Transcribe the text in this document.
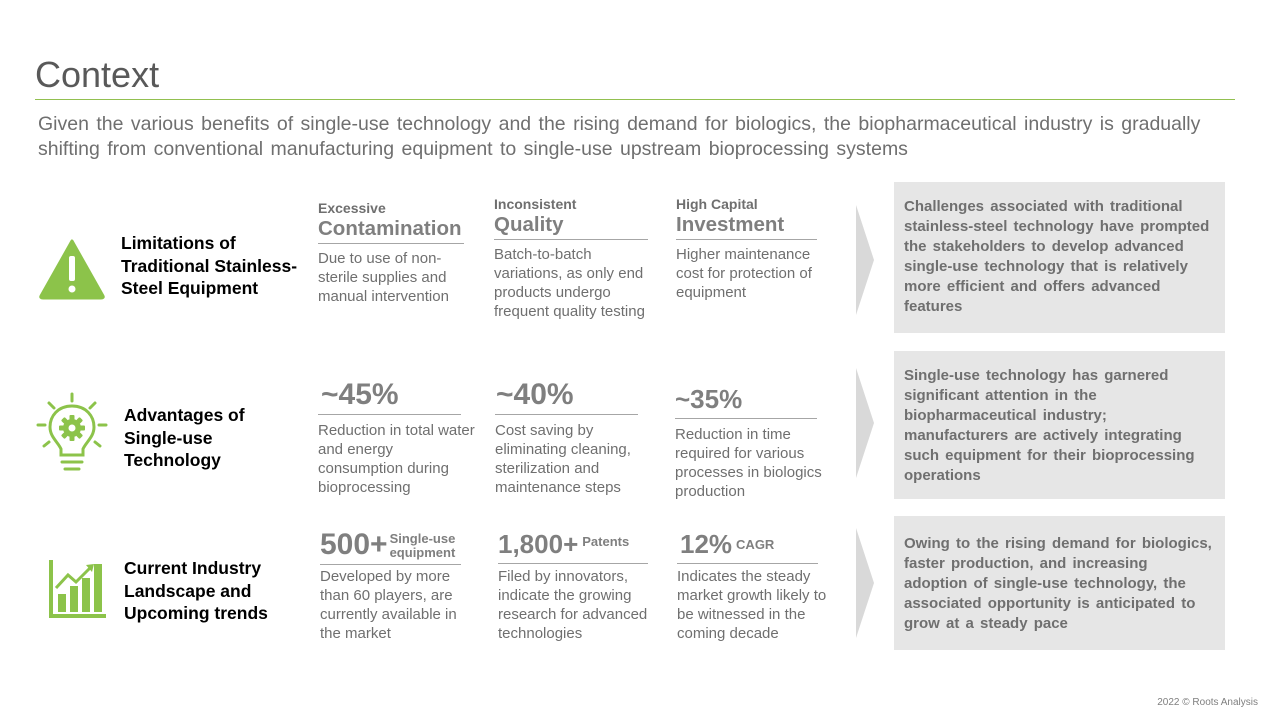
Context
Given the various benefits of single-use technology and the rising demand for biologics, the biopharmaceutical industry is gradually shifting from conventional manufacturing equipment to single-use upstream bioprocessing systems
Limitations of Traditional Stainless-Steel Equipment
Excessive
Contamination
Due to use of non-sterile supplies and manual intervention
Inconsistent
Quality
Batch-to-batch variations, as only end products undergo frequent quality testing
High Capital
Investment
Higher maintenance cost for protection of equipment
Challenges associated with traditional stainless-steel technology have prompted the stakeholders to develop advanced single-use technology that is relatively more efficient and offers advanced features
Advantages of Single-use Technology
~45%
Reduction in total water and energy consumption during bioprocessing
~40%
Cost saving by eliminating cleaning, sterilization and maintenance steps
~35%
Reduction in time required for various processes in biologics production
Single-use technology has garnered significant attention in the biopharmaceutical industry; manufacturers are actively integrating such equipment for their bioprocessing operations
Current Industry Landscape and Upcoming trends
500+ Single-use
equipment
Developed by more than 60 players, are currently available in the market
1,800+ Patents
Filed by innovators, indicate the growing research for advanced technologies
12% CAGR
Indicates the steady market growth likely to be witnessed in the coming decade
Owing to the rising demand for biologics, faster production, and increasing adoption of single-use technology, the associated opportunity is anticipated to grow at a steady pace
2022 © Roots Analysis
